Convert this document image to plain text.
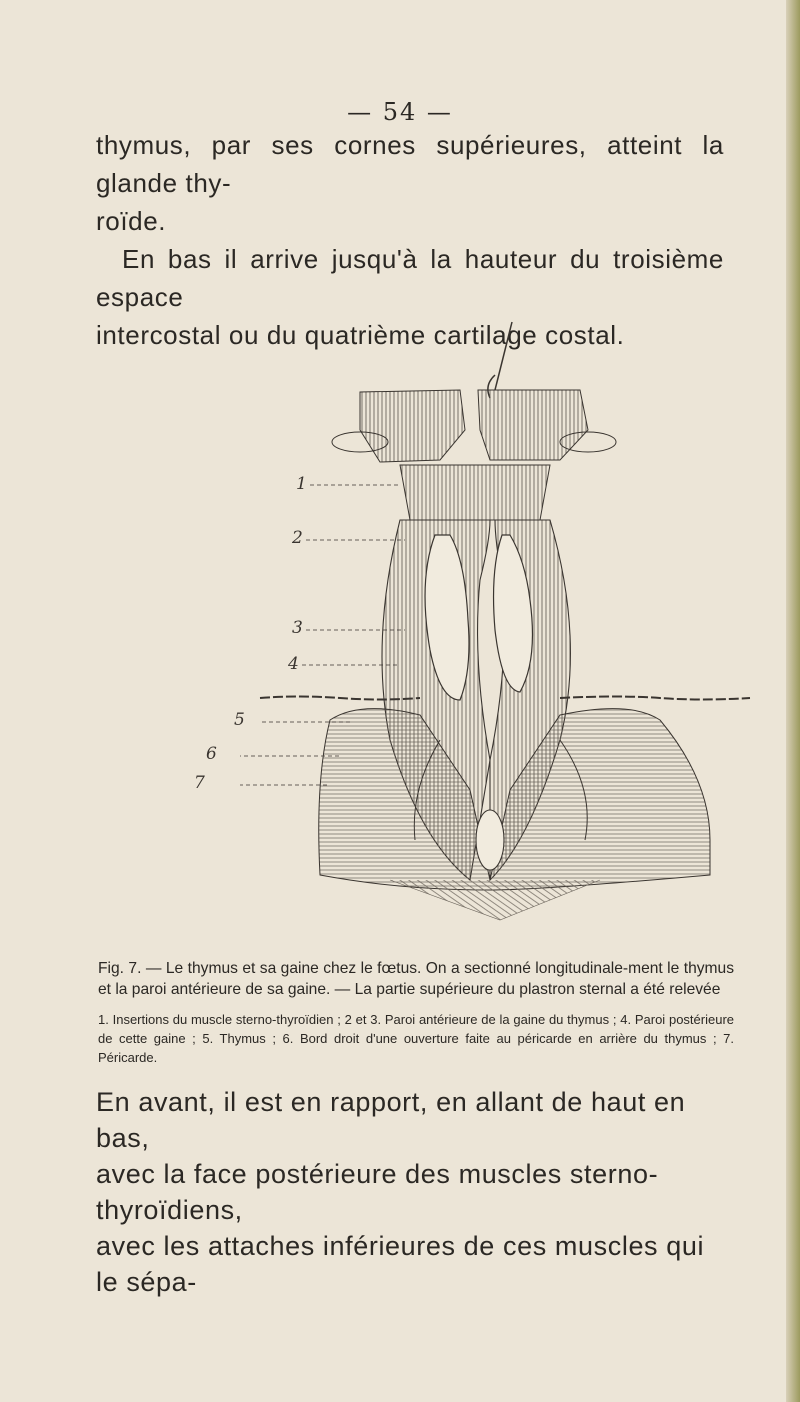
— 54 —
thymus, par ses cornes supérieures, atteint la glande thy-
roïde.
En bas il arrive jusqu'à la hauteur du troisième espace
intercostal ou du quatrième cartilage costal.
1
2
3
4
5
6
7

Fig. 7. — Le thymus et sa gaine chez le fœtus. On a sectionné longitudinale-ment le thymus et la paroi antérieure de sa gaine. — La partie supérieure du plastron sternal a été relevée

1. Insertions du muscle sterno-thyroïdien ; 2 et 3. Paroi antérieure de la gaine du thymus ; 4. Paroi postérieure de cette gaine ; 5. Thymus ; 6. Bord droit d'une ouverture faite au péricarde en arrière du thymus ; 7. Péricarde.

En avant, il est en rapport, en allant de haut en bas,
avec la face postérieure des muscles sterno-thyroïdiens,
avec les attaches inférieures de ces muscles qui le sépa-
